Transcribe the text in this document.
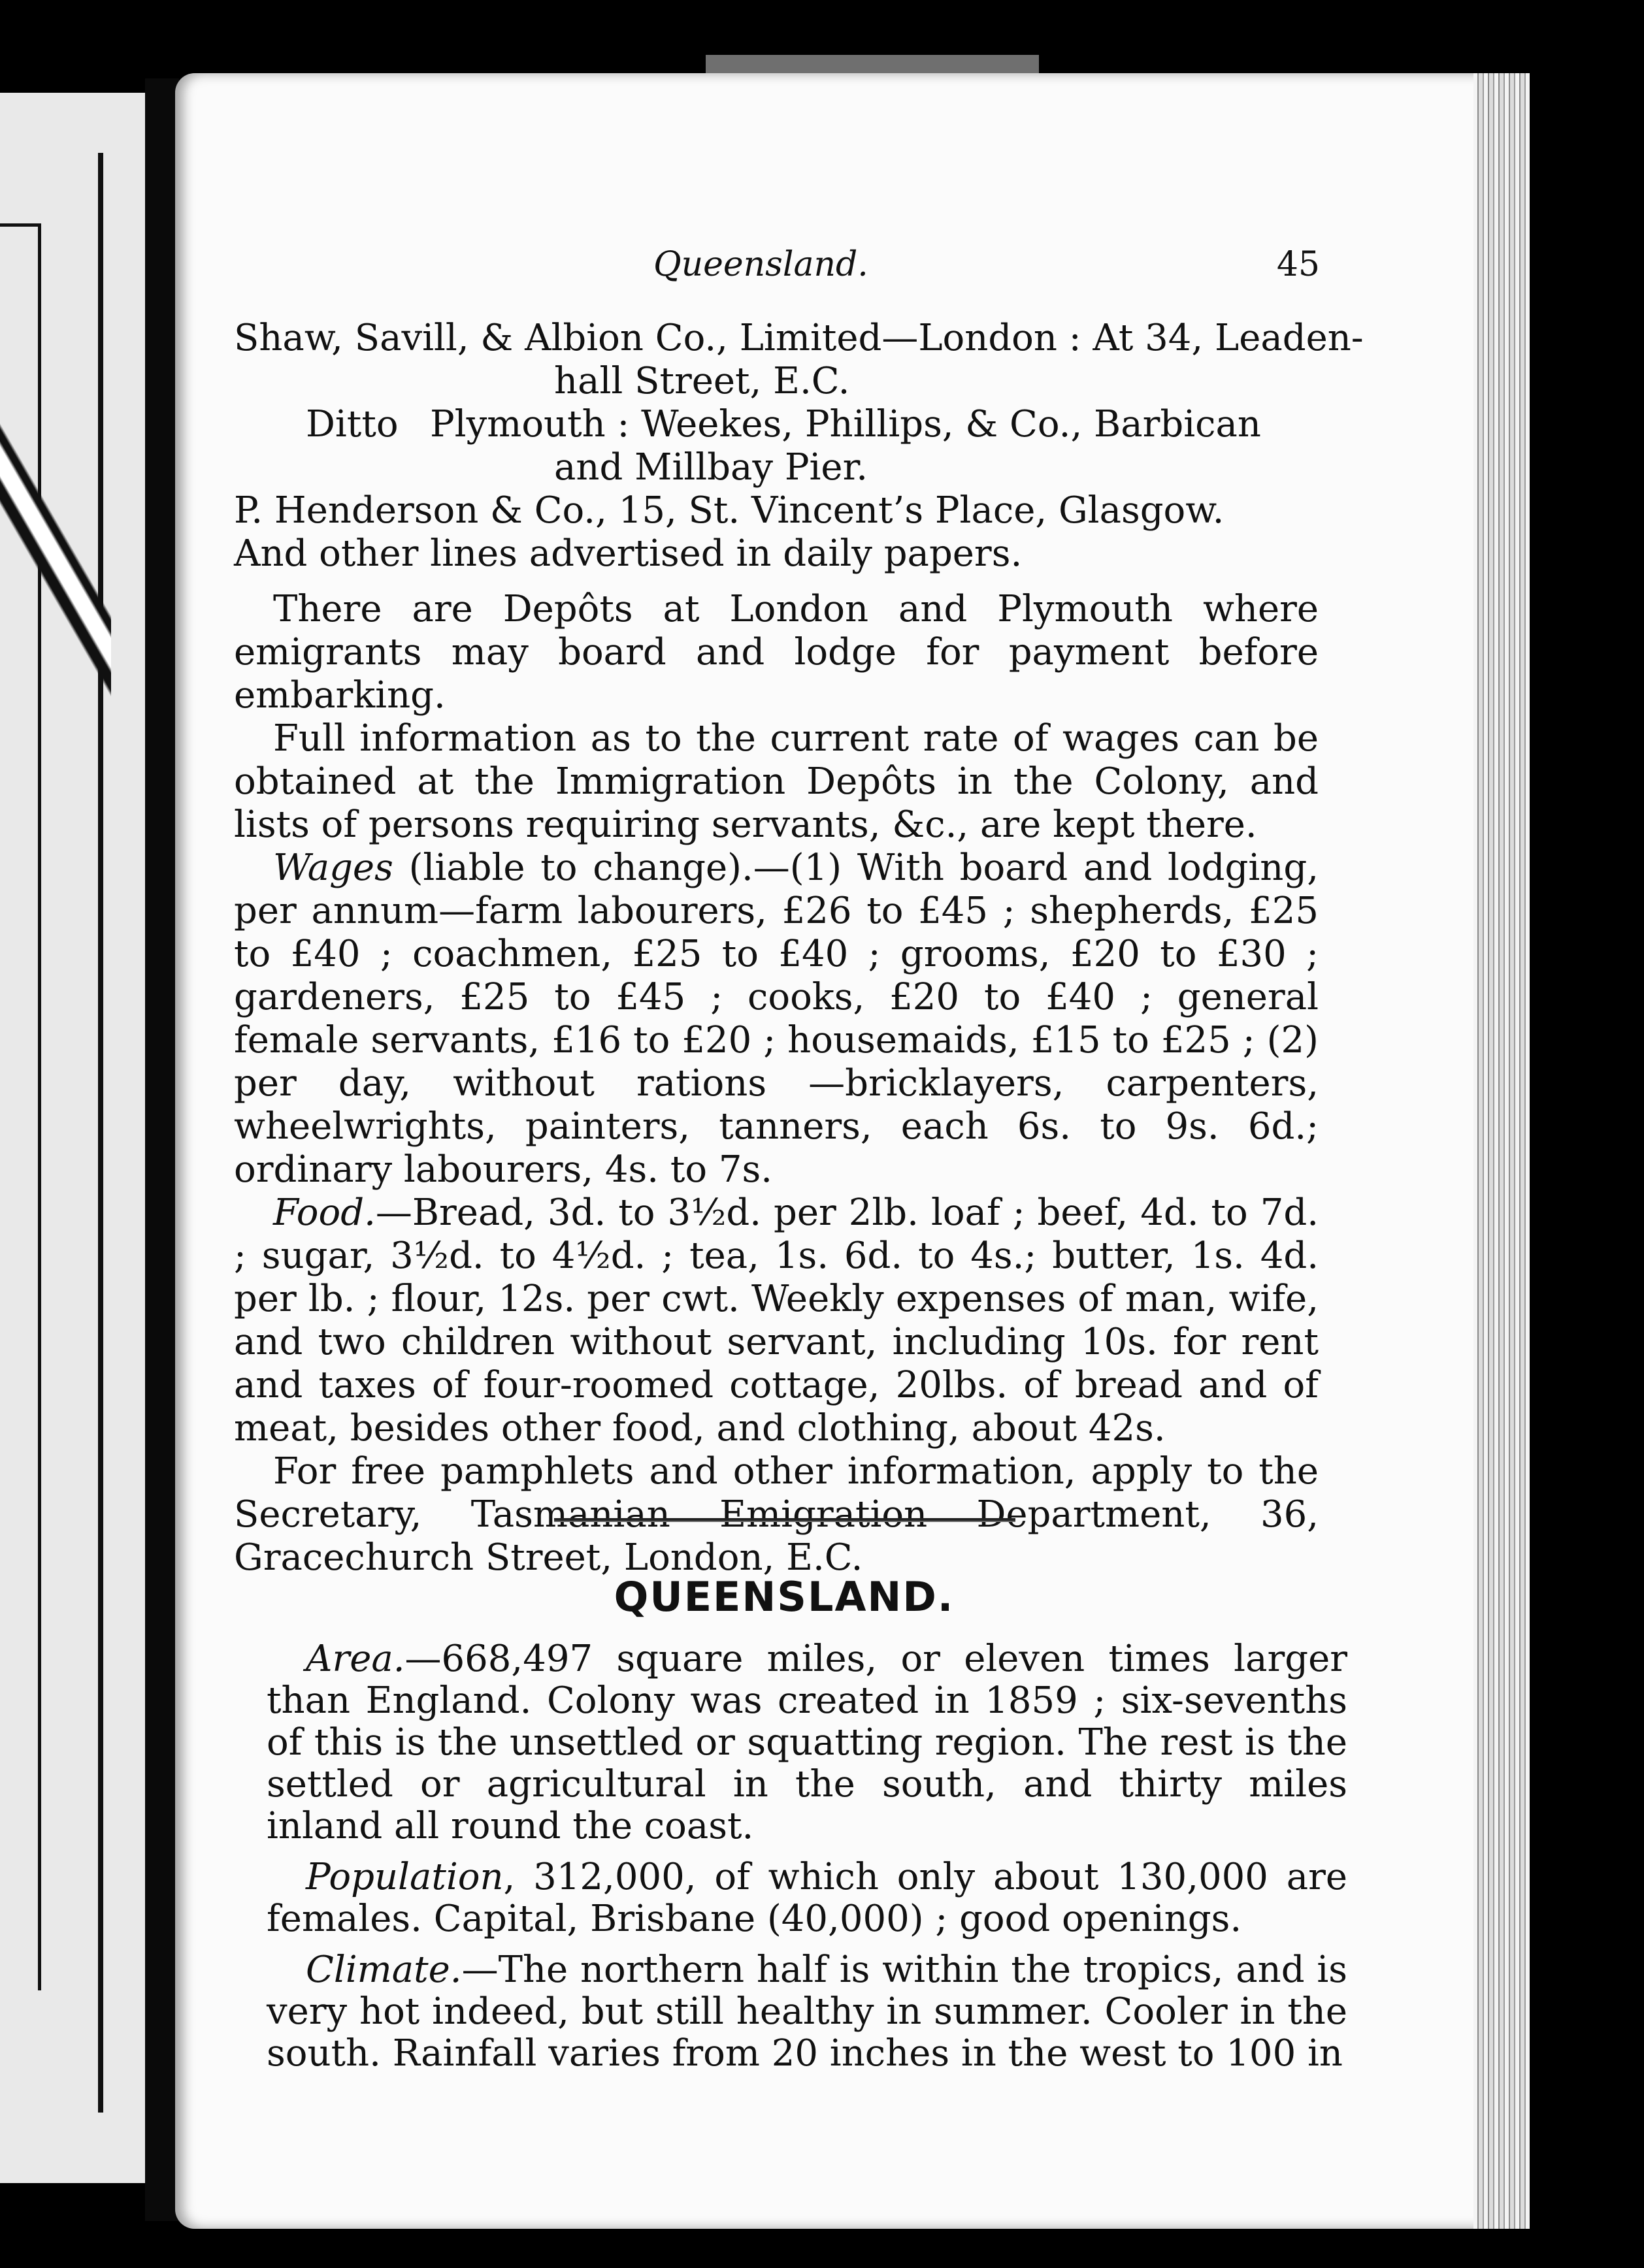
Queensland.	45
Shaw, Savill, & Albion Co., Limited—London : At 34, Leaden-
hall Street, E.C.
Ditto Plymouth : Weekes, Phillips, & Co., Barbican
and Millbay Pier.
P. Henderson & Co., 15, St. Vincent’s Place, Glasgow.
And other lines advertised in daily papers.

There are Depôts at London and Plymouth where emigrants may board and lodge for payment before embarking.

Full information as to the current rate of wages can be obtained at the Immigration Depôts in the Colony, and lists of persons requiring servants, &c., are kept there.

Wages (liable to change).—(1) With board and lodging, per annum—farm labourers, £26 to £45 ; shepherds, £25 to £40 ; coachmen, £25 to £40 ; grooms, £20 to £30 ; gardeners, £25 to £45 ; cooks, £20 to £40 ; general female servants, £16 to £20 ; housemaids, £15 to £25 ; (2) per day, without rations —bricklayers, carpenters, wheelwrights, painters, tanners, each 6s. to 9s. 6d.; ordinary labourers, 4s. to 7s.

Food.—Bread, 3d. to 3½d. per 2lb. loaf ; beef, 4d. to 7d. ; sugar, 3½d. to 4½d. ; tea, 1s. 6d. to 4s.; butter, 1s. 4d. per lb. ; flour, 12s. per cwt. Weekly expenses of man, wife, and two children without servant, including 10s. for rent and taxes of four-roomed cottage, 20lbs. of bread and of meat, besides other food, and clothing, about 42s.

For free pamphlets and other information, apply to the Secretary, Tasmanian Emigration Department, 36, Gracechurch Street, London, E.C.

QUEENSLAND.

Area.—668,497 square miles, or eleven times larger than England. Colony was created in 1859 ; six-sevenths of this is the unsettled or squatting region. The rest is the settled or agricultural in the south, and thirty miles inland all round the coast.

Population, 312,000, of which only about 130,000 are females. Capital, Brisbane (40,000) ; good openings.

Climate.—The northern half is within the tropics, and is very hot indeed, but still healthy in summer. Cooler in the south. Rainfall varies from 20 inches in the west to 100 in
